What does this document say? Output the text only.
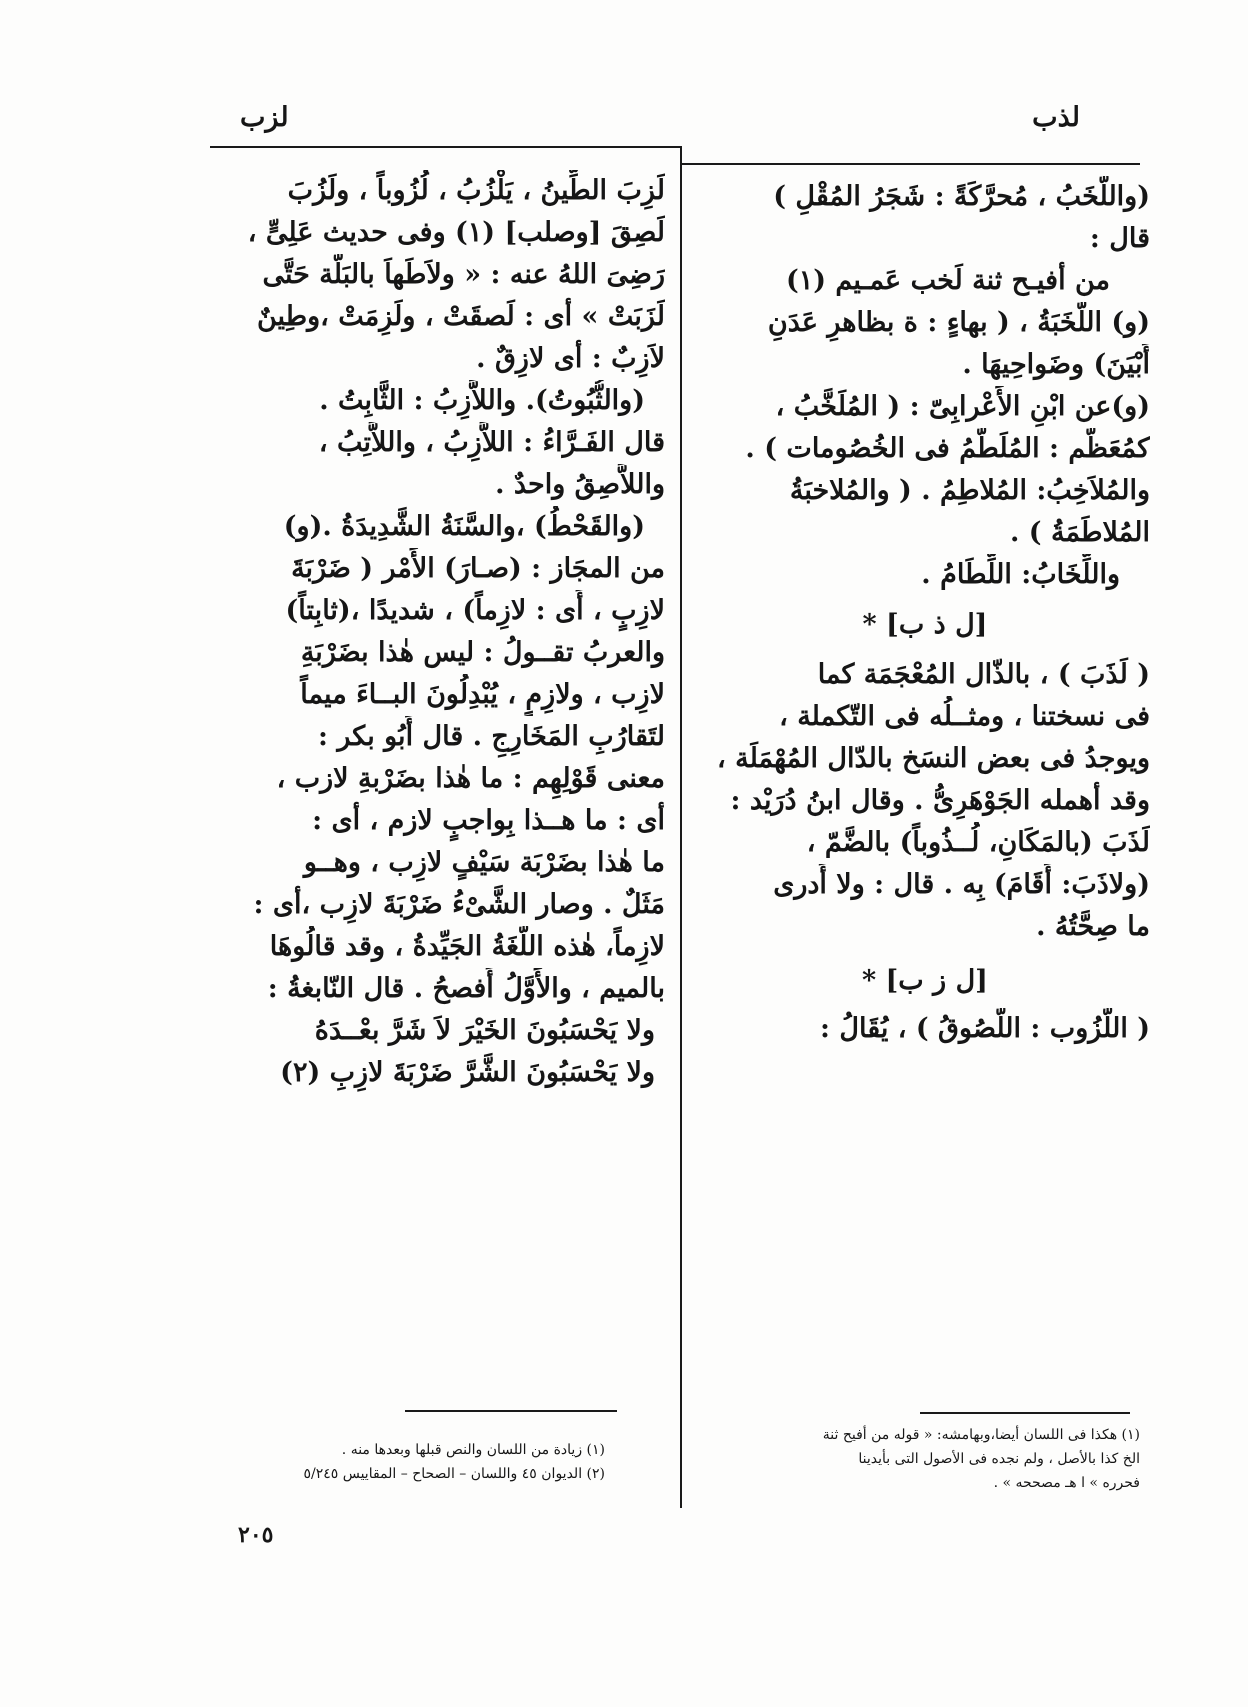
لذب
لزب
(واللَّخَبُ ، مُحرَّكَةً : شَجَرُ المُقْلِ )
قال :
من أفيـح ثنة لَخب عَمـيم (١)
(و) اللَّخَبَةُ ، ( بهاءٍ : ة بظاهرِ عَدَنِ
أَبْيَنَ) وضَواحِيهَا .
(و)عن ابْنِ الأَعْرابِىّ : ( المُلَخَّبُ ،
كمُعَظَّم : المُلَطَّمُ فى الخُصُومات ) .
والمُلاَخِبُ: المُلاطِمُ . ( والمُلاخبَةُ
المُلاطَمَةُ ) .
واللِّخَابُ: اللِّطَامُ .
[ل ذ ب] *
( لَذَبَ ) ، بالذّال المُعْجَمَة كما
فى نسختنا ، ومثــلُه فى التّكملة ،
ويوجدُ فى بعض النسَخ بالدّال المُهْمَلَة ،
وقد أهمله الجَوْهَرِىُّ . وقال ابنُ دُرَيْد :
لَذَبَ (بالمَكَانِ، لُــذُوباً) بالضَّمّ ،
(ولاذَبَ: أَقَامَ) بِه . قال : ولا أَدرى
ما صِحَّتُهُ .
[ل ز ب] *
( اللُّزُوب : اللُّصُوقُ ) ، يُقَالُ :
لَزِبَ الطِّينُ ، يَلْزُبُ ، لُزُوباً ، ولَزُبَ
لَصِقَ [وصلب] (١) وفى حديث عَلِىٍّ ،
رَضِىَ اللهُ عنه : « ولاَطَهاَ بالبَلَّة حَتَّى
لَزَبَتْ » أى : لَصقَتْ ، ولَزِمَتْ ،وطِينٌ
لاَزِبٌ : أى لازِقٌ .
(والثُّبُوتُ). واللاَّزِبُ : الثَّابِتُ .
قال الفَـرَّاءُ : اللاَّزِبُ ، واللاَّتِبُ ،
واللاَّصِقُ واحدٌ .
(والقَحْطُ) ،والسَّنَةُ الشَّدِيدَةُ .(و)
من المجَاز : (صـارَ) الأَمْر ( ضَرْبَةَ
لازِبٍ ، أَى : لازِماً) ، شديدًا ،(ثابِتاً)
والعربُ تقــولُ : ليس هٰذا بضَرْبَةِ
لازِب ، ولازِمٍ ، يُبْدِلُونَ البــاءَ ميماً
لتَقارُبِ المَخَارِجِ . قال أَبُو بكر :
معنى قَوْلِهِم : ما هٰذا بضَرْبةِ لازب ،
أى : ما هــذا بِواجبٍ لازم ، أى :
ما هٰذا بضَرْبَة سَيْفٍ لازِب ، وهــو
مَثَلٌ . وصار الشَّىْءُ ضَرْبَةَ لازِب ،أى :
لازِماً، هٰذه اللُّغَةُ الجَيِّدةُ ، وقد قالُوهَا
بالميم ، والأَوَّلُ أَفصحُ . قال النّابغةُ :
ولا يَحْسَبُونَ الخَيْرَ لاَ شَرَّ بعْــدَهُ
ولا يَحْسَبُونَ الشَّرَّ ضَرْبَةَ لازِبِ (٢)
(١) زيادة من اللسان والنص قبلها وبعدها منه .
(٢) الديوان ٤٥ واللسان – الصحاح – المقاييس ٥/٢٤٥
(١) هكذا فى اللسان أيضا،وبهامشه: « قوله من أفيح ثنة
الخ كذا بالأصل ، ولم نجده فى الأصول التى بأيدينا
فحرره » ا هـ مصححه » .
٢٠٥
